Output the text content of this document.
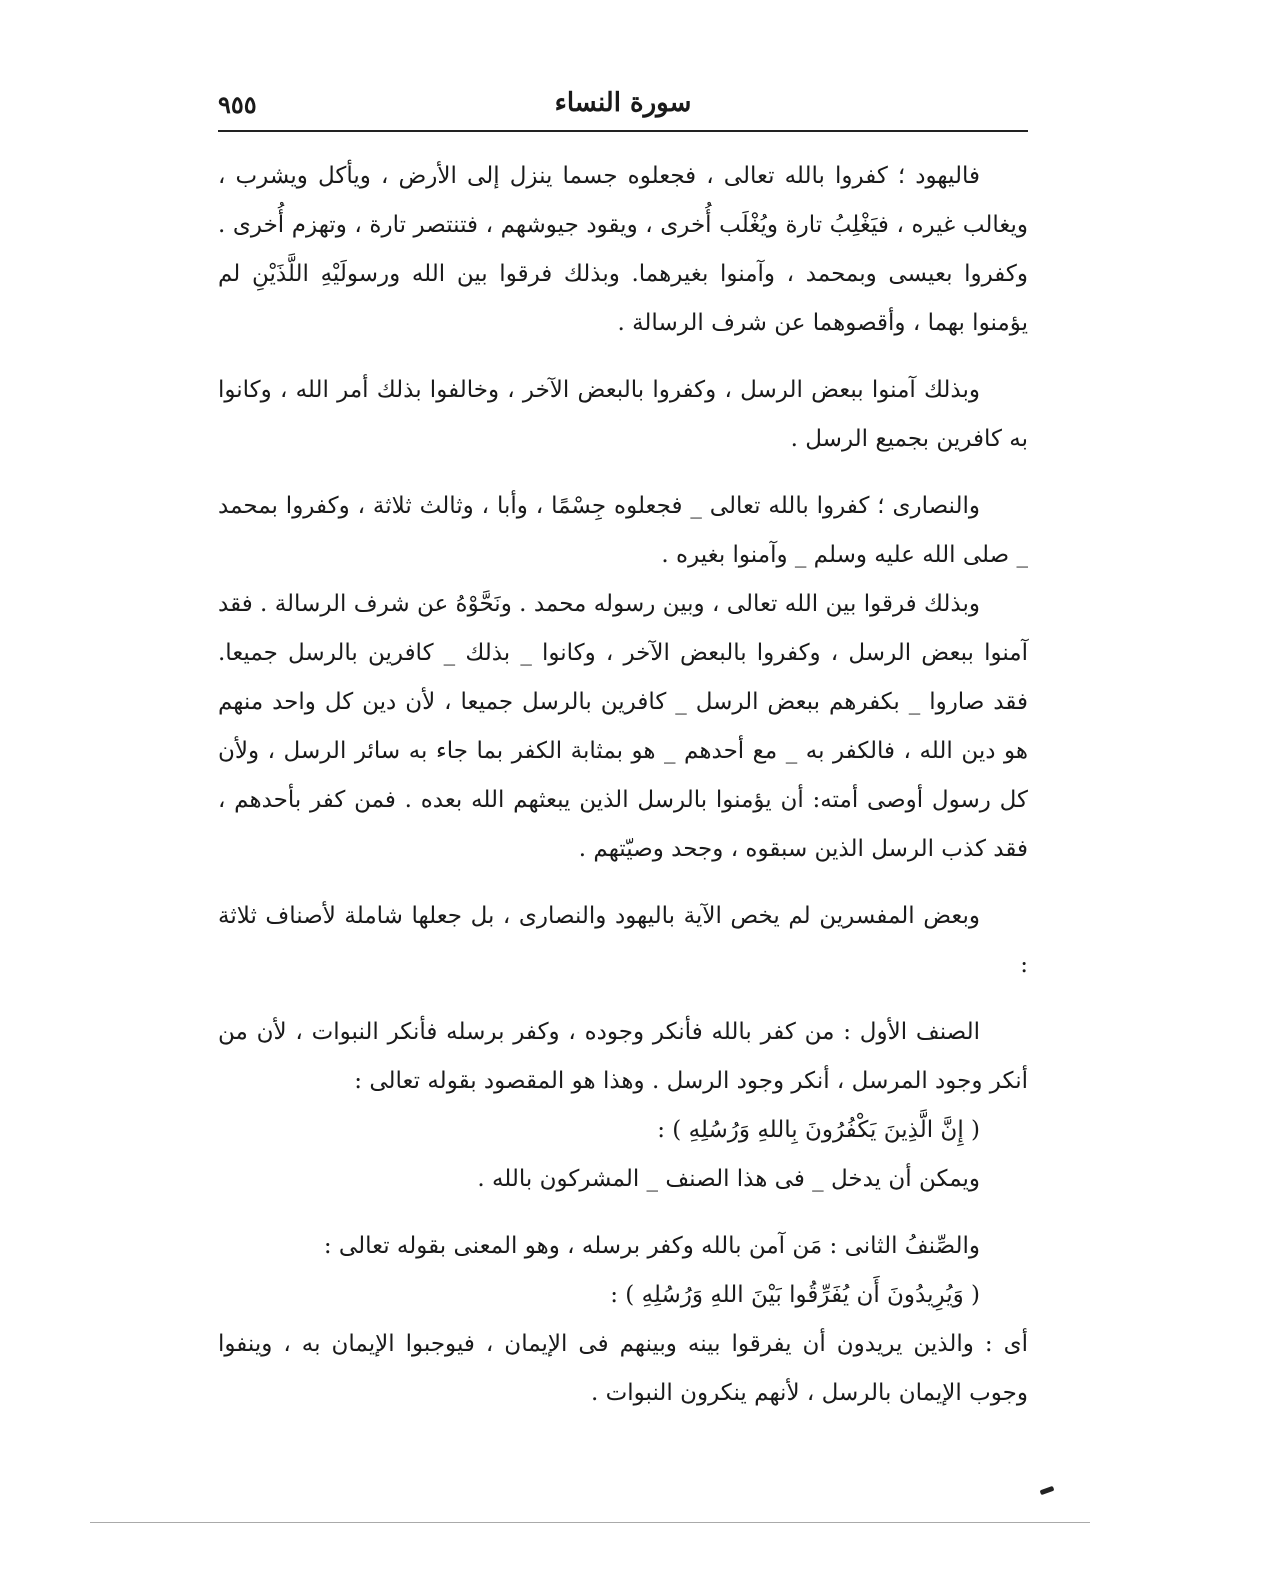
سورة النساء
٩٥٥

فاليهود ؛ كفروا بالله تعالى ، فجعلوه جسما ينزل إلى الأرض ، ويأكل ويشرب ، ويغالب غيره ، فيَغْلِبُ تارة ويُغْلَب أُخرى ، ويقود جيوشهم ، فتنتصر تارة ، وتهزم أُخرى . وكفروا بعيسى وبمحمد ، وآمنوا بغيرهما. وبذلك فرقوا بين الله ورسولَيْهِ اللَّذَيْنِ لم يؤمنوا بهما ، وأقصوهما عن شرف الرسالة .

وبذلك آمنوا ببعض الرسل ، وكفروا بالبعض الآخر ، وخالفوا بذلك أمر الله ، وكانوا به كافرين بجميع الرسل .

والنصارى ؛ كفروا بالله تعالى _ فجعلوه جِسْمًا ، وأبا ، وثالث ثلاثة ، وكفروا بمحمد _ صلى الله عليه وسلم _ وآمنوا بغيره .

وبذلك فرقوا بين الله تعالى ، وبين رسوله محمد . ونَحَّوْهُ عن شرف الرسالة . فقد آمنوا ببعض الرسل ، وكفروا بالبعض الآخر ، وكانوا _ بذلك _ كافرين بالرسل جميعا. فقد صاروا _ بكفرهم ببعض الرسل _ كافرين بالرسل جميعا ، لأن دين كل واحد منهم هو دين الله ، فالكفر به _ مع أحدهم _ هو بمثابة الكفر بما جاء به سائر الرسل ، ولأن كل رسول أوصى أمته: أن يؤمنوا بالرسل الذين يبعثهم الله بعده . فمن كفر بأحدهم ، فقد كذب الرسل الذين سبقوه ، وجحد وصيّتهم .

وبعض المفسرين لم يخص الآية باليهود والنصارى ، بل جعلها شاملة لأصناف ثلاثة :

الصنف الأول : من كفر بالله فأنكر وجوده ، وكفر برسله فأنكر النبوات ، لأن من أنكر وجود المرسل ، أنكر وجود الرسل . وهذا هو المقصود بقوله تعالى :

( إِنَّ الَّذِينَ يَكْفُرُونَ بِاللهِ وَرُسُلِهِ ) :

ويمكن أن يدخل _ فى هذا الصنف _ المشركون بالله .

والصِّنفُ الثانى : مَن آمن بالله وكفر برسله ، وهو المعنى بقوله تعالى :

( وَيُرِيدُونَ أَن يُفَرِّقُوا بَيْنَ اللهِ وَرُسُلِهِ ) :

أى : والذين يريدون أن يفرقوا بينه وبينهم فى الإيمان ، فيوجبوا الإيمان به ، وينفوا وجوب الإيمان بالرسل ، لأنهم ينكرون النبوات .
